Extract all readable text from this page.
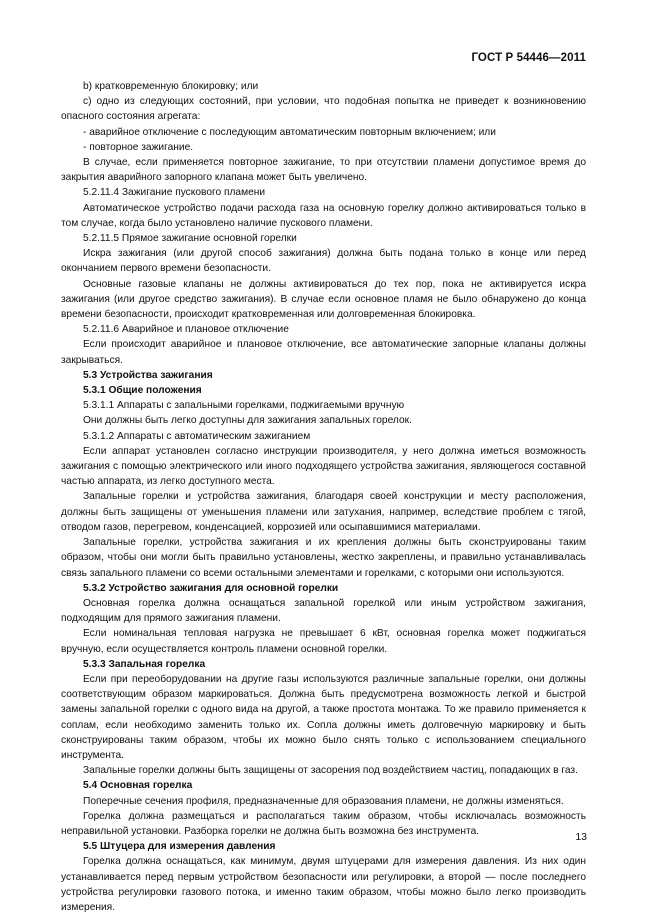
ГОСТ Р 54446—2011

b) кратковременную блокировку; или

с) одно из следующих состояний, при условии, что подобная попытка не приведет к возникновению опасного состояния агрегата:

- аварийное отключение с последующим автоматическим повторным включением; или

- повторное зажигание.

В случае, если применяется повторное зажигание, то при отсутствии пламени допустимое время до закрытия аварийного запорного клапана может быть увеличено.

5.2.11.4 Зажигание пускового пламени

Автоматическое устройство подачи расхода газа на основную горелку должно активироваться только в том случае, когда было установлено наличие пускового пламени.

5.2.11.5 Прямое зажигание основной горелки

Искра зажигания (или другой способ зажигания) должна быть подана только в конце или перед окончанием первого времени безопасности.

Основные газовые клапаны не должны активироваться до тех пор, пока не активируется искра зажигания (или другое средство зажигания). В случае если основное пламя не было обнаружено до конца времени безопасности, происходит кратковременная или долговременная блокировка.

5.2.11.6 Аварийное и плановое отключение

Если происходит аварийное и плановое отключение, все автоматические запорные клапаны должны закрываться.

5.3 Устройства зажигания

5.3.1 Общие положения

5.3.1.1 Аппараты с запальными горелками, поджигаемыми вручную

Они должны быть легко доступны для зажигания запальных горелок.

5.3.1.2 Аппараты с автоматическим зажиганием

Если аппарат установлен согласно инструкции производителя, у него должна иметься возможность зажигания с помощью электрического или иного подходящего устройства зажигания, являющегося составной частью аппарата, из легко доступного места.

Запальные горелки и устройства зажигания, благодаря своей конструкции и месту расположения, должны быть защищены от уменьшения пламени или затухания, например, вследствие проблем с тягой, отводом газов, перегревом, конденсацией, коррозией или осыпавшимися материалами.

Запальные горелки, устройства зажигания и их крепления должны быть сконструированы таким образом, чтобы они могли быть правильно установлены, жестко закреплены, и правильно устанавливалась связь запального пламени со всеми остальными элементами и горелками, с которыми они используются.

5.3.2 Устройство зажигания для основной горелки

Основная горелка должна оснащаться запальной горелкой или иным устройством зажигания, подходящим для прямого зажигания пламени.

Если номинальная тепловая нагрузка не превышает 6 кВт, основная горелка может поджигаться вручную, если осуществляется контроль пламени основной горелки.

5.3.3 Запальная горелка

Если при переоборудовании на другие газы используются различные запальные горелки, они должны соответствующим образом маркироваться. Должна быть предусмотрена возможность легкой и быстрой замены запальной горелки с одного вида на другой, а также простота монтажа. То же правило применяется к соплам, если необходимо заменить только их. Сопла должны иметь долговечную маркировку и быть сконструированы таким образом, чтобы их можно было снять только с использованием специального инструмента.

Запальные горелки должны быть защищены от засорения под воздействием частиц, попадающих в газ.

5.4 Основная горелка

Поперечные сечения профиля, предназначенные для образования пламени, не должны изменяться.

Горелка должна размещаться и располагаться таким образом, чтобы исключалась возможность неправильной установки. Разборка горелки не должна быть возможна без инструмента.

5.5 Штуцера для измерения давления

Горелка должна оснащаться, как минимум, двумя штуцерами для измерения давления. Из них один устанавливается перед первым устройством безопасности или регулировки, а второй — после последнего устройства регулировки газового потока, и именно таким образом, чтобы можно было легко производить измерения.

13
